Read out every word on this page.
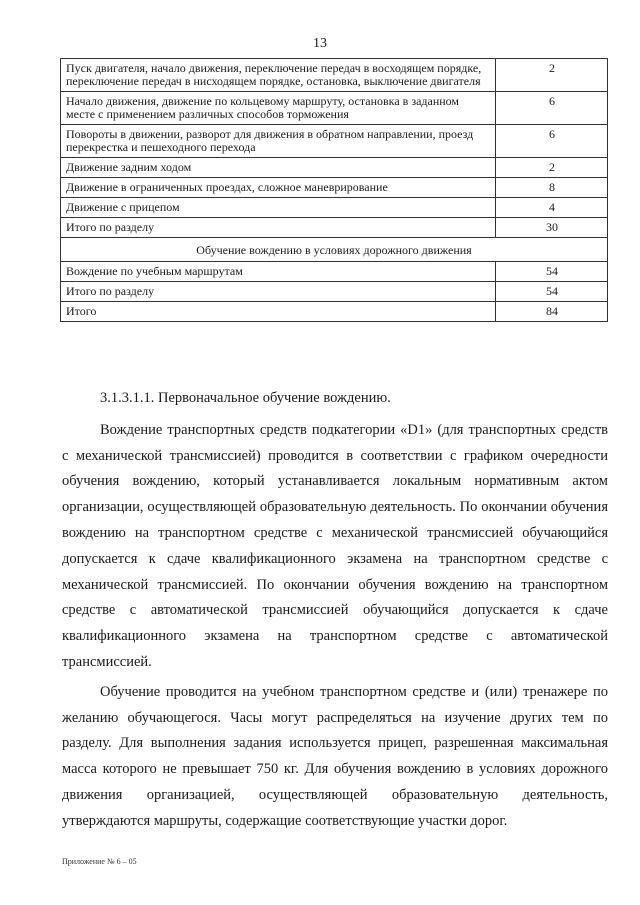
13
Пуск двигателя, начало движения, переключение передач в восходящем порядке, переключение передач в нисходящем порядке, остановка, выключение двигателя	2
Начало движения, движение по кольцевому маршруту, остановка в заданном месте с применением различных способов торможения	6
Повороты в движении, разворот для движения в обратном направлении, проезд перекрестка и пешеходного перехода	6
Движение задним ходом	2
Движение в ограниченных проездах, сложное маневрирование	8
Движение с прицепом	4
Итого по разделу	30
Обучение вождению в условиях дорожного движения	
Вождение по учебным маршрутам	54
Итого по разделу	54
Итого	84

3.1.3.1.1. Первоначальное обучение вождению.

Вождение транспортных средств подкатегории «D1» (для транспортных средств с механической трансмиссией) проводится в соответствии с графиком очередности обучения вождению, который устанавливается локальным нормативным актом организации, осуществляющей образовательную деятельность. По окончании обучения вождению на транспортном средстве с механической трансмиссией обучающийся допускается к сдаче квалификационного экзамена на транспортном средстве с механической трансмиссией. По окончании обучения вождению на транспортном средстве с автоматической трансмиссией обучающийся допускается к сдаче квалификационного экзамена на транспортном средстве с автоматической трансмиссией.

Обучение проводится на учебном транспортном средстве и (или) тренажере по желанию обучающегося. Часы могут распределяться на изучение других тем по разделу. Для выполнения задания используется прицеп, разрешенная максимальная масса которого не превышает 750 кг. Для обучения вождению в условиях дорожного движения организацией, осуществляющей образовательную деятельность, утверждаются маршруты, содержащие соответствующие участки дорог.

Приложение № 6 – 05
